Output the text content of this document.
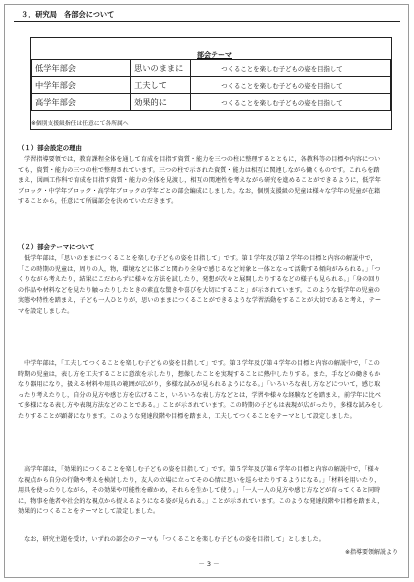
３．研究局　各部会について
部会テーマ
低学年部会	思いのままに	つくることを楽しむ子どもの姿を目指して
中学年部会	工夫して	つくることを楽しむ子どもの姿を目指して
高学年部会	効果的に	つくることを楽しむ子どもの姿を目指して
※個別支援級指任は任意にて各所属へ
（１）部会設定の理由

学習指導要領では，教育課程全体を通して育成を目指す資質・能力を三つの柱に整理するとともに，各教科等の目標や内容についても，資質・能力の三つの柱で整理されています。三つの柱で示された資質・能力は相互に関連しながら働くものです。これらを踏まえ，図画工作科で育成を目指す資質・能力の全体を見渡し，相互の関連性を考えながら研究を進めることができるように，低学年ブロック・中学年ブロック・高学年ブロックの学年ごとの部会編成にしました。なお，個別支援級の児童は様々な学年の児童が在籍することから，任意にて所属部会を決めていただきます。

（２）部会テーマについて

低学年部は，「思いのままにつくることを楽しむ子どもの姿を目指して」です。第１学年及び第２学年の目標と内容の解説中で，「この時期の児童は，周りの人，物，環境などに体ごと関わり全身で感じるなど対象と一体となって活動する傾向がみられる。」「つくりながら考えたり，結果にこだわらずに様々な方法を試したり，発想が次々と展開したりするなどの様子も見られる。」「身の回りの作品や材料などを見たり触ったりしたときの素直な驚きや喜びを大切にすること」が示されています。このような低学年の児童の実態や特性を踏まえ，子ども一人ひとりが，思いのままにつくることができるような学習活動をすることが大切であると考え，テーマを設定しました。

中学年部は，「工夫してつくることを楽しむ子どもの姿を目指して」です。第３学年及び第４学年の目標と内容の解説中で，「この時期の児童は，表し方を工夫することに意欲を示したり，想像したことを実現することに熱中したりする。また，手などの働きもかなり器用になり，扱える材料や用具の範囲が広がり，多様な試みが見られるようになる。」「いろいろな表し方などについて，感じ取ったり考えたりし，自分の見方や感じ方を広げること，いろいろな表し方などとは，学習や様々な経験などを踏まえ，前学年に比べて多様になる表し方や表現方法などのことである。」ことが示されています。この時期の子どもは表現が広がったり，多様な試みをしたりすることが顕著になります。このような発達段階や目標を踏まえ，工夫してつくることをテーマとして設定しました。

高学年部は，「効果的につくることを楽しむ子どもの姿を目指して」です。第５学年及び第６学年の目標と内容の解説中で，「様々な視点から自分の行動や考えを検討したり，友人の立場に立ってその心情に思いを巡らせたりするようになる。」「材料を用いたり，用具を使ったりしながら，その効果や可能性を確かめ，それらを生かして使う。」「一人一人の見方や感じ方などが育ってくると同時に，物事を他者や社会的な視点から捉えるようになる姿が見られる。」ことが示されています。このような発達段階や目標を踏まえ，効果的につくることをテーマとして設定しました。

なお，研究主題を受け，いずれの部会のテーマも「つくることを楽しむ子どもの姿を目指して」としました。

※指導要領解説より
－ 3 －
